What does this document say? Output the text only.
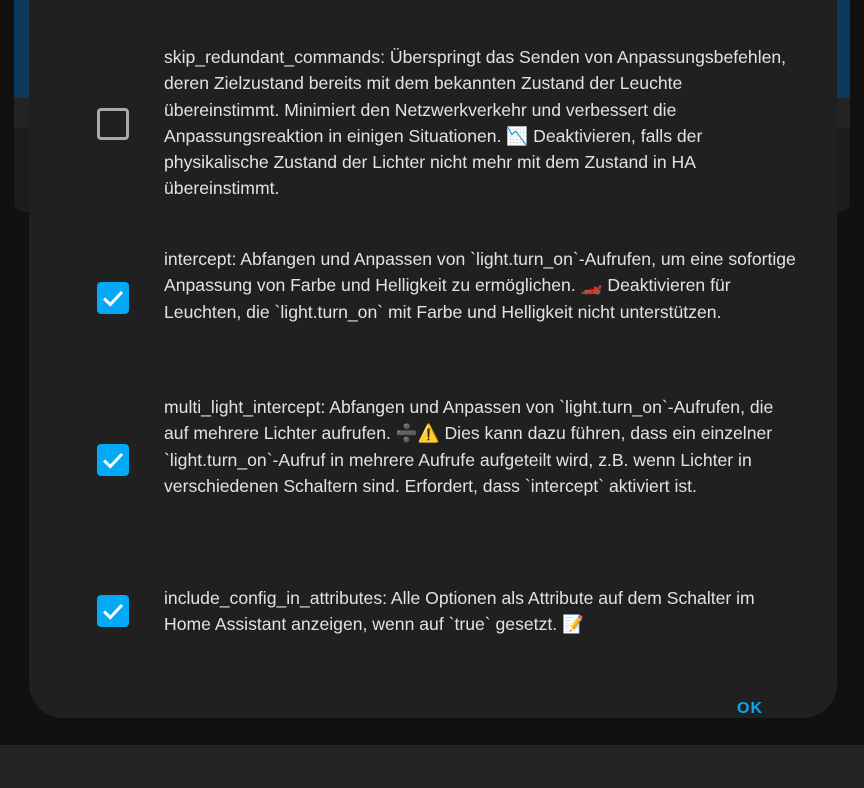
skip_redundant_commands: Überspringt das Senden von Anpassungsbefehlen, deren Zielzustand bereits mit dem bekannten Zustand der Leuchte übereinstimmt. Minimiert den Netzwerkverkehr und verbessert die Anpassungsreaktion in einigen Situationen. 📉 Deaktivieren, falls der physikalische Zustand der Lichter nicht mehr mit dem Zustand in HA übereinstimmt.
intercept: Abfangen und Anpassen von `light.turn_on`-Aufrufen, um eine sofortige Anpassung von Farbe und Helligkeit zu ermöglichen. 🏎️ Deaktivieren für Leuchten, die `light.turn_on` mit Farbe und Helligkeit nicht unterstützen.
multi_light_intercept: Abfangen und Anpassen von `light.turn_on`-Aufrufen, die auf mehrere Lichter aufrufen. ➗⚠️ Dies kann dazu führen, dass ein einzelner `light.turn_on`-Aufruf in mehrere Aufrufe aufgeteilt wird, z.B. wenn Lichter in verschiedenen Schaltern sind. Erfordert, dass `intercept` aktiviert ist.
include_config_in_attributes: Alle Optionen als Attribute auf dem Schalter im Home Assistant anzeigen, wenn auf `true` gesetzt. 📝
OK
